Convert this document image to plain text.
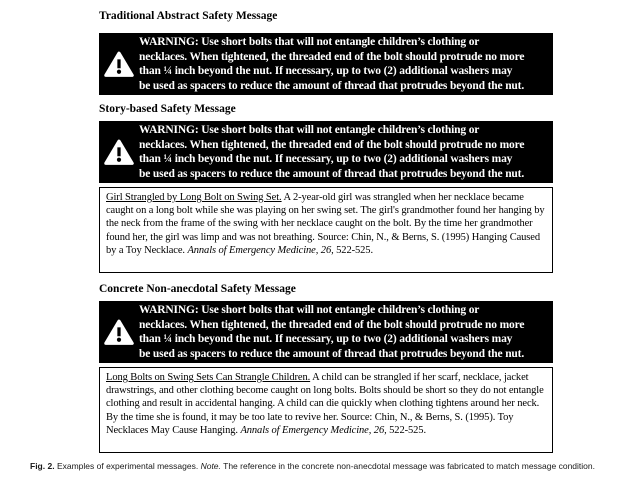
Traditional Abstract Safety Message
WARNING: Use short bolts that will not entangle children’s clothing or
necklaces. When tightened, the threaded end of the bolt should protrude no more
than ¼ inch beyond the nut. If necessary, up to two (2) additional washers may
be used as spacers to reduce the amount of thread that protrudes beyond the nut.
Story-based Safety Message
WARNING: Use short bolts that will not entangle children’s clothing or
necklaces. When tightened, the threaded end of the bolt should protrude no more
than ¼ inch beyond the nut. If necessary, up to two (2) additional washers may
be used as spacers to reduce the amount of thread that protrudes beyond the nut.

Girl Strangled by Long Bolt on Swing Set. A 2-year-old girl was strangled when her necklace became caught on a long bolt while she was playing on her swing set. The girl's grandmother found her hanging by the neck from the frame of the swing with her necklace caught on the bolt. By the time her grandmother found her, the girl was limp and was not breathing. Source: Chin, N., & Berns, S. (1995) Hanging Caused by a Toy Necklace. Annals of Emergency Medicine, 26, 522-525.

Concrete Non-anecdotal Safety Message
WARNING: Use short bolts that will not entangle children’s clothing or
necklaces. When tightened, the threaded end of the bolt should protrude no more
than ¼ inch beyond the nut. If necessary, up to two (2) additional washers may
be used as spacers to reduce the amount of thread that protrudes beyond the nut.

Long Bolts on Swing Sets Can Strangle Children. A child can be strangled if her scarf, necklace, jacket drawstrings, and other clothing become caught on long bolts. Bolts should be short so they do not entangle clothing and result in accidental hanging. A child can die quickly when clothing tightens around her neck. By the time she is found, it may be too late to revive her. Source: Chin, N., & Berns, S. (1995). Toy Necklaces May Cause Hanging. Annals of Emergency Medicine, 26, 522-525.

Fig. 2. Examples of experimental messages. Note. The reference in the concrete non-anecdotal message was fabricated to match message condition.
